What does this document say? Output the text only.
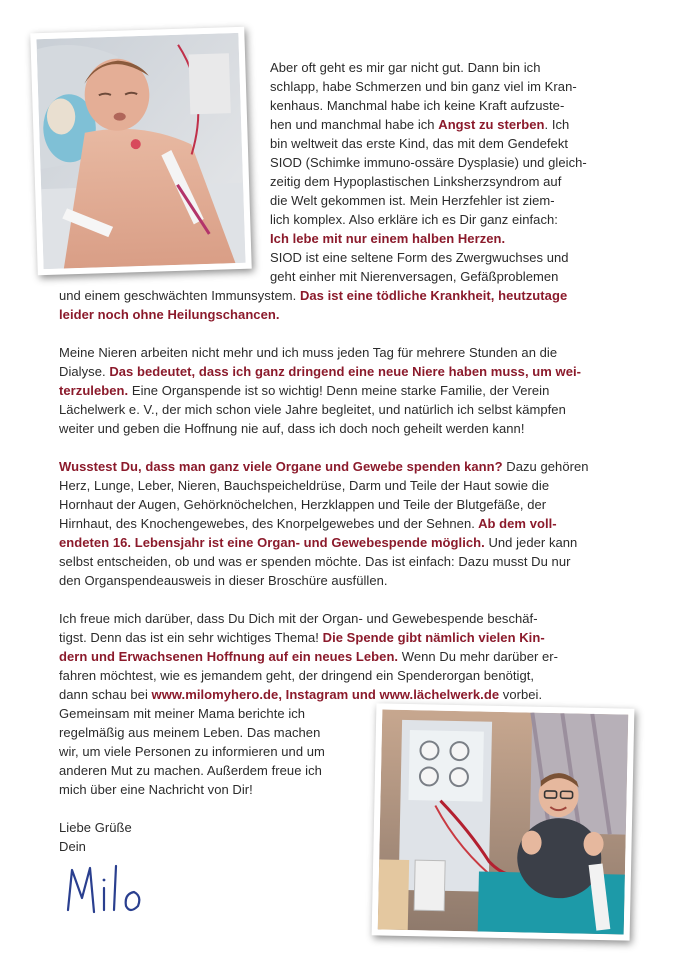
Aber oft geht es mir gar nicht gut. Dann bin ich
schlapp, habe Schmerzen und bin ganz viel im Kran-
kenhaus. Manchmal habe ich keine Kraft aufzuste-
hen und manchmal habe ich Angst zu sterben. Ich
bin weltweit das erste Kind, das mit dem Gendefekt
SIOD (Schimke immuno-ossäre Dysplasie) und gleich-
zeitig dem Hypoplastischen Linksherzsyndrom auf
die Welt gekommen ist. Mein Herzfehler ist ziem-
lich komplex. Also erkläre ich es Dir ganz einfach:
Ich lebe mit nur einem halben Herzen.
SIOD ist eine seltene Form des Zwergwuchses und
geht einher mit Nierenversagen, Gefäßproblemen
und einem geschwächten Immunsystem. Das ist eine tödliche Krankheit, heutzutage
leider noch ohne Heilungschancen.
Meine Nieren arbeiten nicht mehr und ich muss jeden Tag für mehrere Stunden an die
Dialyse. Das bedeutet, dass ich ganz dringend eine neue Niere haben muss, um wei-
terzuleben. Eine Organspende ist so wichtig! Denn meine starke Familie, der Verein
Lächelwerk e. V., der mich schon viele Jahre begleitet, und natürlich ich selbst kämpfen
weiter und geben die Hoffnung nie auf, dass ich doch noch geheilt werden kann!
Wusstest Du, dass man ganz viele Organe und Gewebe spenden kann? Dazu gehören
Herz, Lunge, Leber, Nieren, Bauchspeicheldrüse, Darm und Teile der Haut sowie die
Hornhaut der Augen, Gehörknöchelchen, Herzklappen und Teile der Blutgefäße, der
Hirnhaut, des Knochengewebes, des Knorpelgewebes und der Sehnen. Ab dem voll-
endeten 16. Lebensjahr ist eine Organ- und Gewebespende möglich. Und jeder kann
selbst entscheiden, ob und was er spenden möchte. Das ist einfach: Dazu musst Du nur
den Organspendeausweis in dieser Broschüre ausfüllen.
Ich freue mich darüber, dass Du Dich mit der Organ- und Gewebespende beschäf-
tigst. Denn das ist ein sehr wichtiges Thema! Die Spende gibt nämlich vielen Kin-
dern und Erwachsenen Hoffnung auf ein neues Leben. Wenn Du mehr darüber er-
fahren möchtest, wie es jemandem geht, der dringend ein Spenderorgan benötigt,
dann schau bei www.milomyhero.de, Instagram und www.lächelwerk.de vorbei.
Gemeinsam mit meiner Mama berichte ich
regelmäßig aus meinem Leben. Das machen
wir, um viele Personen zu informieren und um
anderen Mut zu machen. Außerdem freue ich
mich über eine Nachricht von Dir!
Liebe Grüße
Dein
